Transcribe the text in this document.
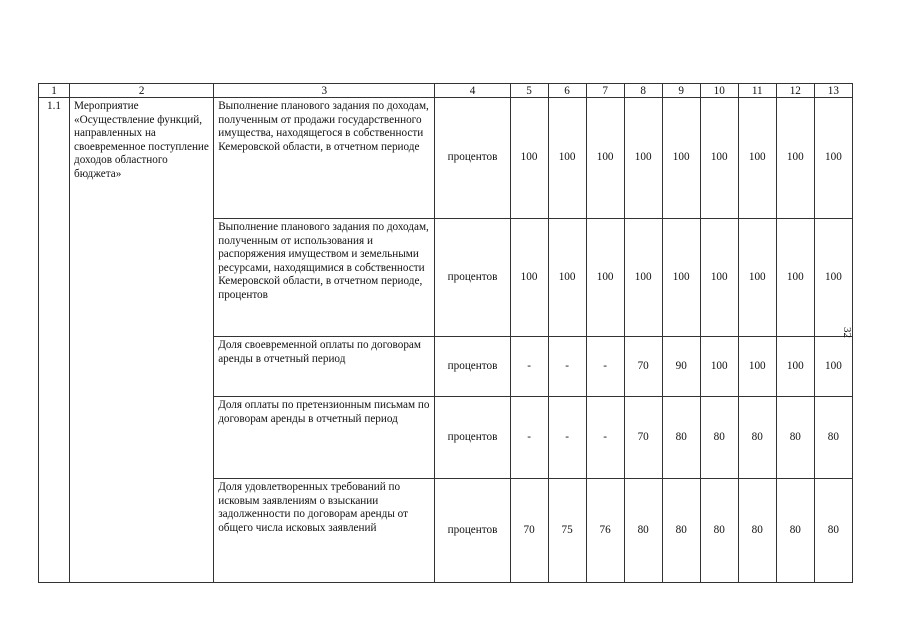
1	2	3	4	5	6	7	8	9	10	11	12	13
1.1	Мероприятие «Осуществление функций, направленных на своевременное поступление доходов областного бюджета»	Выполнение планового задания по доходам, полученным от продажи государственного имущества, находящегося в собственности Кемеровской области, в отчетном периоде	процентов	100	100	100	100	100	100	100	100	100
		Выполнение планового задания по доходам, полученным от использования и распоряжения имуществом и земельными ресурсами, находящимися в собственности Кемеровской области, в отчетном периоде, процентов	процентов	100	100	100	100	100	100	100	100	100
		Доля своевременной оплаты по договорам аренды в отчетный период	процентов	-	-	-	70	90	100	100	100	100
		Доля оплаты по претензионным письмам по договорам аренды в отчетный период	процентов	-	-	-	70	80	80	80	80	80
		Доля удовлетворенных требований по исковым заявлениям о взыскании задолженности по договорам аренды от общего числа исковых заявлений	процентов	70	75	76	80	80	80	80	80	80
32
